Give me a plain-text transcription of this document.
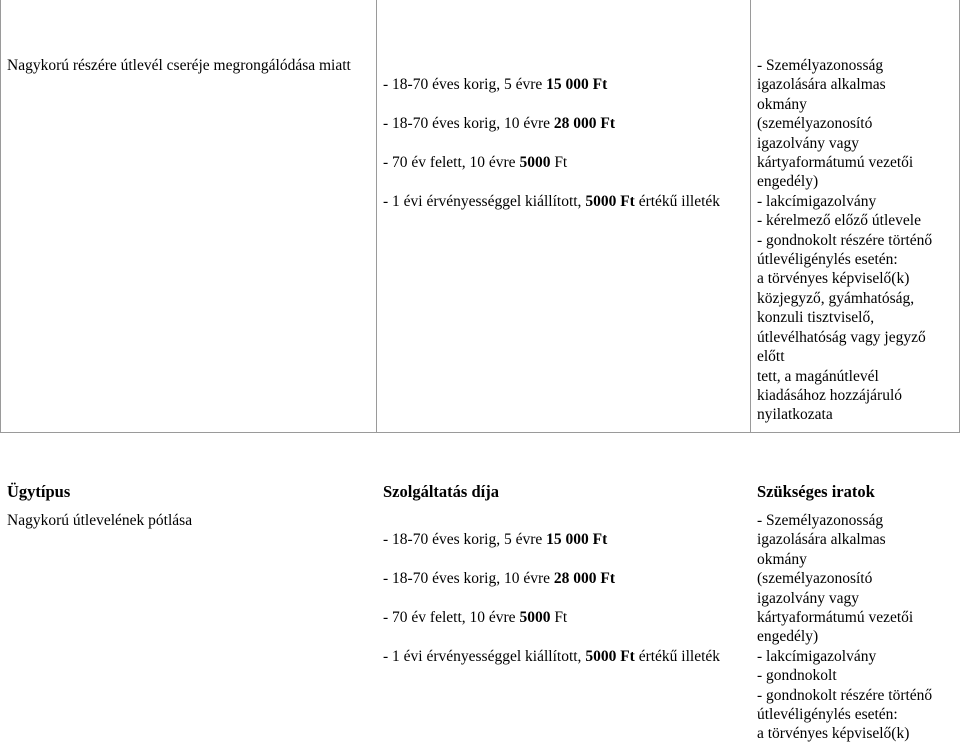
Nagykorú részére útlevél cseréje megrongálódása miatt

- 18-70 éves korig, 5 évre 15 000 Ft

- 18-70 éves korig, 10 évre 28 000 Ft

- 70 év felett, 10 évre 5000 Ft

- 1 évi érvényességgel kiállított, 5000 Ft értékű illeték

- Személyazonosság
igazolására alkalmas
okmány
(személyazonosító
igazolvány vagy
kártyaformátumú vezetői
engedély)
- lakcímigazolvány
- kérelmező előző útlevele
- gondnokolt részére történő
útlevéligénylés esetén:
a törvényes képviselő(k)
közjegyző, gyámhatóság,
konzuli tisztviselő,
útlevélhatóság vagy jegyző
előtt
tett, a magánútlevél
kiadásához hozzájáruló
nyilatkozata
Ügytípus	Szolgáltatás díja	Szükséges iratok
Nagykorú útlevelének pótlása

- 18-70 éves korig, 5 évre 15 000 Ft

- 18-70 éves korig, 10 évre 28 000 Ft

- 70 év felett, 10 évre 5000 Ft

- 1 évi érvényességgel kiállított, 5000 Ft értékű illeték

- Személyazonosság
igazolására alkalmas
okmány
(személyazonosító
igazolvány vagy
kártyaformátumú vezetői
engedély)
- lakcímigazolvány
- gondnokolt
- gondnokolt részére történő
útlevéligénylés esetén:
a törvényes képviselő(k)
